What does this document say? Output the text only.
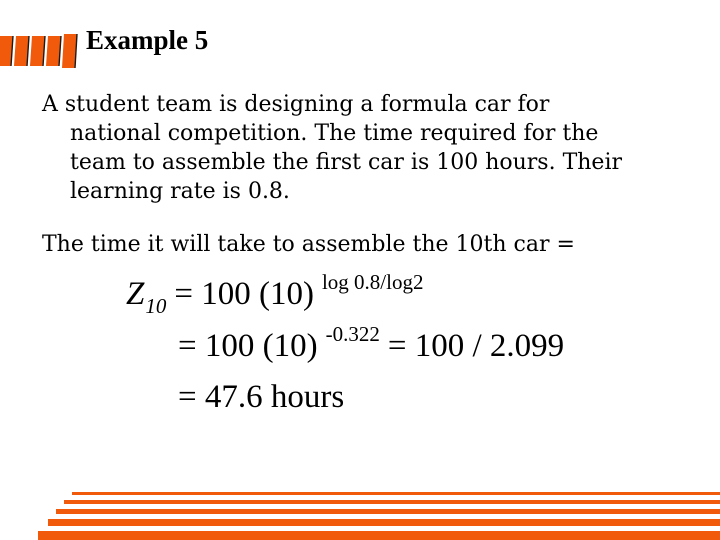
Example 5
A student team is designing a formula car for
national competition. The time required for the
team to assemble the first car is 100 hours. Their
learning rate is 0.8.
The time it will take to assemble the 10th car =
$Z_{10} = 100$ (10) $^{log 0.8/log2}$
= 100 (10) $^{-0.322}$ = 100 / 2.099
= 47.6 hours
